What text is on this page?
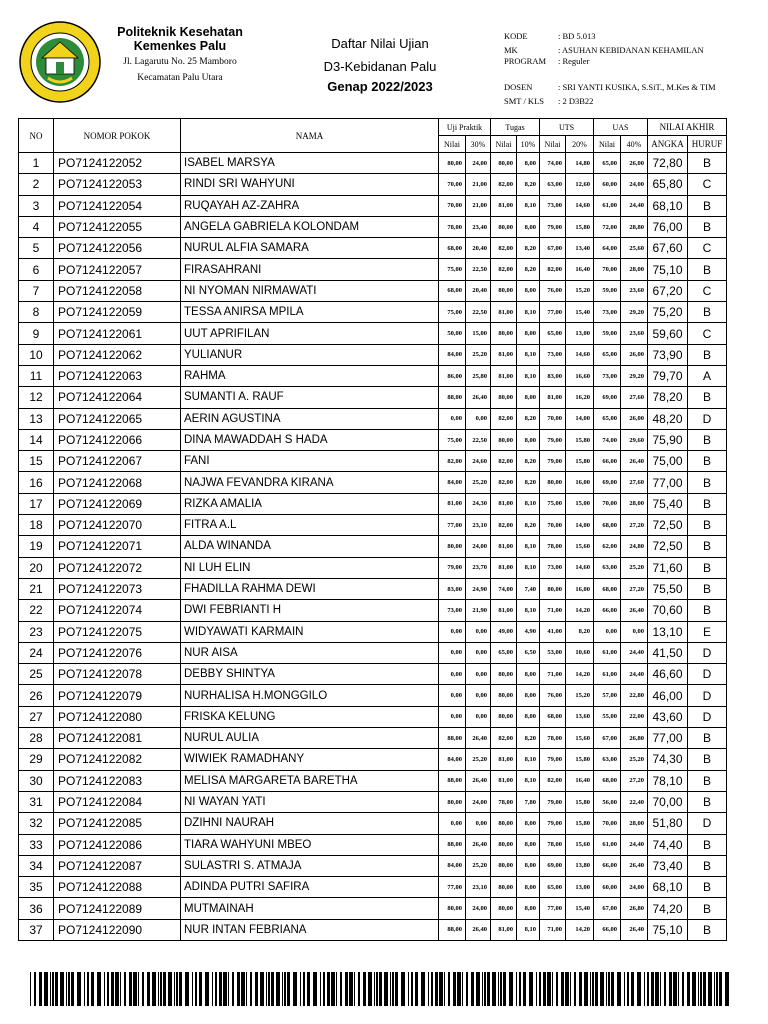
Politeknik Kesehatan
Kemenkes Palu
Jl. Lagarutu No. 25 Mamboro
Kecamatan Palu Utara
Daftar Nilai Ujian
D3-Kebidanan Palu
Genap 2022/2023
KODE	: BD 5.013
MK	: ASUHAN KEBIDANAN KEHAMILAN
PROGRAM : Reguler
DOSEN	: SRI YANTI KUSIKA, S.SiT., M.Kes & TIM
SMT / KLS : 2 D3B22
NO	NOMOR POKOK	NAMA	Uji Praktik		Tugas		UTS		UAS		NILAI AKHIR	
			Nilai	30%	Nilai	10%	Nilai	20%	Nilai	40%	ANGKA	HURUF
1	PO7124122052	ISABEL MARSYA	80,00	24,00	80,00	8,00	74,00	14,80	65,00	26,00	72,80	B
2	PO7124122053	RINDI SRI WAHYUNI	70,00	21,00	82,00	8,20	63,00	12,60	60,00	24,00	65,80	C
3	PO7124122054	RUQAYAH AZ-ZAHRA	70,00	21,00	81,00	8,10	73,00	14,60	61,00	24,40	68,10	B
4	PO7124122055	ANGELA GABRIELA KOLONDAM	78,00	23,40	80,00	8,00	79,00	15,80	72,00	28,80	76,00	B
5	PO7124122056	NURUL ALFIA SAMARA	68,00	20,40	82,00	8,20	67,00	13,40	64,00	25,60	67,60	C
6	PO7124122057	FIRASAHRANI	75,00	22,50	82,00	8,20	82,00	16,40	70,00	28,00	75,10	B
7	PO7124122058	NI NYOMAN NIRMAWATI	68,00	20,40	80,00	8,00	76,00	15,20	59,00	23,60	67,20	C
8	PO7124122059	TESSA ANIRSA MPILA	75,00	22,50	81,00	8,10	77,00	15,40	73,00	29,20	75,20	B
9	PO7124122061	UUT APRIFILAN	50,00	15,00	80,00	8,00	65,00	13,00	59,00	23,60	59,60	C
10	PO7124122062	YULIANUR	84,00	25,20	81,00	8,10	73,00	14,60	65,00	26,00	73,90	B
11	PO7124122063	RAHMA	86,00	25,80	81,00	8,10	83,00	16,60	73,00	29,20	79,70	A
12	PO7124122064	SUMANTI A. RAUF	88,00	26,40	80,00	8,00	81,00	16,20	69,00	27,60	78,20	B
13	PO7124122065	AERIN AGUSTINA	0,00	0,00	82,00	8,20	70,00	14,00	65,00	26,00	48,20	D
14	PO7124122066	DINA MAWADDAH S HADA	75,00	22,50	80,00	8,00	79,00	15,80	74,00	29,60	75,90	B
15	PO7124122067	FANI	82,00	24,60	82,00	8,20	79,00	15,80	66,00	26,40	75,00	B
16	PO7124122068	NAJWA FEVANDRA KIRANA	84,00	25,20	82,00	8,20	80,00	16,00	69,00	27,60	77,00	B
17	PO7124122069	RIZKA AMALIA	81,00	24,30	81,00	8,10	75,00	15,00	70,00	28,00	75,40	B
18	PO7124122070	FITRA A.L	77,00	23,10	82,00	8,20	70,00	14,00	68,00	27,20	72,50	B
19	PO7124122071	ALDA WINANDA	80,00	24,00	81,00	8,10	78,00	15,60	62,00	24,80	72,50	B
20	PO7124122072	NI LUH ELIN	79,00	23,70	81,00	8,10	73,00	14,60	63,00	25,20	71,60	B
21	PO7124122073	FHADILLA RAHMA DEWI	83,00	24,90	74,00	7,40	80,00	16,00	68,00	27,20	75,50	B
22	PO7124122074	DWI FEBRIANTI H	73,00	21,90	81,00	8,10	71,00	14,20	66,00	26,40	70,60	B
23	PO7124122075	WIDYAWATI KARMAIN	0,00	0,00	49,00	4,90	41,00	8,20	0,00	0,00	13,10	E
24	PO7124122076	NUR AISA	0,00	0,00	65,00	6,50	53,00	10,60	61,00	24,40	41,50	D
25	PO7124122078	DEBBY SHINTYA	0,00	0,00	80,00	8,00	71,00	14,20	61,00	24,40	46,60	D
26	PO7124122079	NURHALISA H.MONGGILO	0,00	0,00	80,00	8,00	76,00	15,20	57,00	22,80	46,00	D
27	PO7124122080	FRISKA KELUNG	0,00	0,00	80,00	8,00	68,00	13,60	55,00	22,00	43,60	D
28	PO7124122081	NURUL AULIA	88,00	26,40	82,00	8,20	78,00	15,60	67,00	26,80	77,00	B
29	PO7124122082	WIWIEK RAMADHANY	84,00	25,20	81,00	8,10	79,00	15,80	63,00	25,20	74,30	B
30	PO7124122083	MELISA MARGARETA BARETHA	88,00	26,40	81,00	8,10	82,00	16,40	68,00	27,20	78,10	B
31	PO7124122084	NI WAYAN YATI	80,00	24,00	78,00	7,80	79,00	15,80	56,00	22,40	70,00	B
32	PO7124122085	DZIHNI NAURAH	0,00	0,00	80,00	8,00	79,00	15,80	70,00	28,00	51,80	D
33	PO7124122086	TIARA WAHYUNI MBEO	88,00	26,40	80,00	8,00	78,00	15,60	61,00	24,40	74,40	B
34	PO7124122087	SULASTRI S. ATMAJA	84,00	25,20	80,00	8,00	69,00	13,80	66,00	26,40	73,40	B
35	PO7124122088	ADINDA PUTRI SAFIRA	77,00	23,10	80,00	8,00	65,00	13,00	60,00	24,00	68,10	B
36	PO7124122089	MUTMAINAH	80,00	24,00	80,00	8,00	77,00	15,40	67,00	26,80	74,20	B
37	PO7124122090	NUR INTAN FEBRIANA	88,00	26,40	81,00	8,10	71,00	14,20	66,00	26,40	75,10	B
